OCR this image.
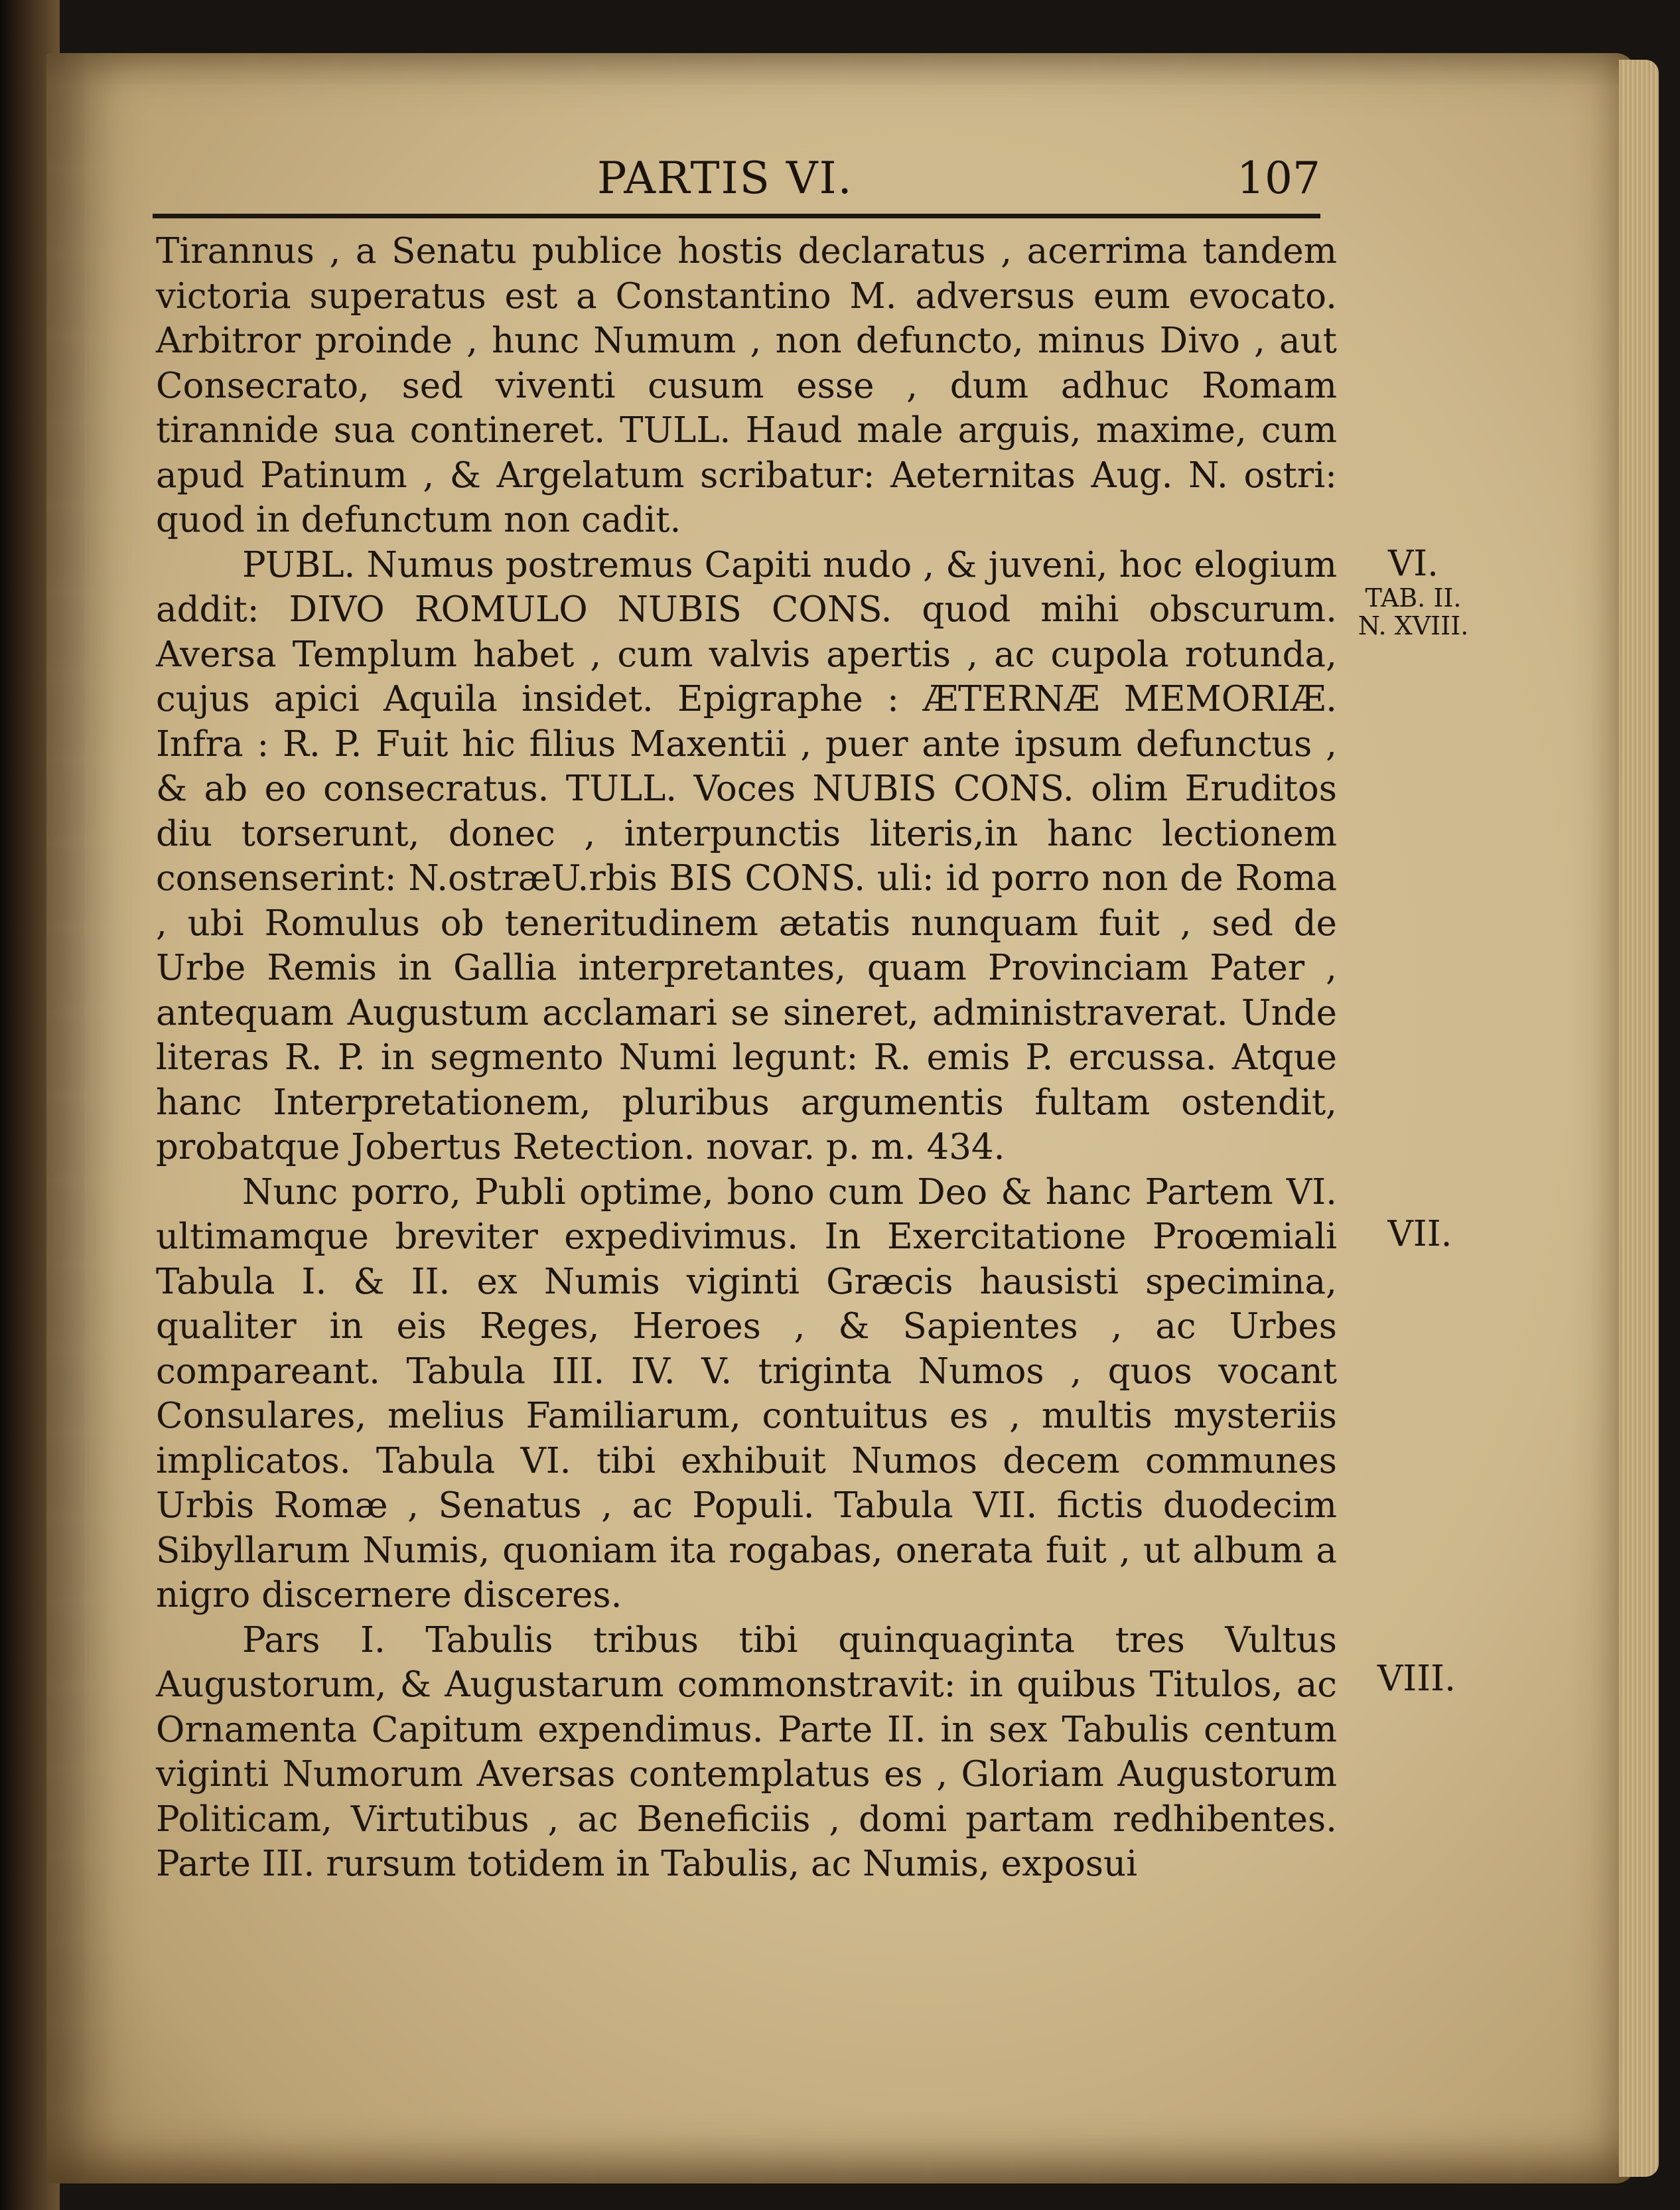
PARTIS VI.	107

Tirannus , a Senatu publice hostis declaratus , acerrima tandem victoria superatus est a Constantino M. adversus eum evocato. Arbitror proinde , hunc Numum , non defuncto, minus Divo , aut Consecrato, sed viventi cusum esse , dum adhuc Romam tirannide sua contineret. TULL. Haud male arguis, maxime, cum apud Patinum , & Argelatum scribatur: Aeternitas Aug. N. ostri: quod in defunctum non cadit.

PUBL. Numus postremus Capiti nudo , & juveni, hoc elogium addit: DIVO ROMULO NUBIS CONS. quod mihi obscurum. Aversa Templum habet , cum valvis apertis , ac cupola rotunda, cujus apici Aquila insidet. Epigraphe : ÆTERNÆ MEMORIÆ. Infra : R. P. Fuit hic filius Maxentii , puer ante ipsum defunctus , & ab eo consecratus. TULL. Voces NUBIS CONS. olim Eruditos diu torserunt, donec , interpunctis literis,in hanc lectionem consenserint: N.ostræU.rbis BIS CONS. uli: id porro non de Roma , ubi Romulus ob teneritudinem ætatis nunquam fuit , sed de Urbe Remis in Gallia interpretantes, quam Provinciam Pater , antequam Augustum acclamari se sineret, administraverat. Unde literas R. P. in segmento Numi legunt: R. emis P. ercussa. Atque hanc Interpretationem, pluribus argumentis fultam ostendit, probatque Jobertus Retection. novar. p. m. 434.

Nunc porro, Publi optime, bono cum Deo & hanc Partem VI. ultimamque breviter expedivimus. In Exercitatione Proœmiali Tabula I. & II. ex Numis viginti Græcis hausisti specimina, qualiter in eis Reges, Heroes , & Sapientes , ac Urbes compareant. Tabula III. IV. V. triginta Numos , quos vocant Consulares, melius Familiarum, contuitus es , multis mysteriis implicatos. Tabula VI. tibi exhibuit Numos decem communes Urbis Romæ , Senatus , ac Populi. Tabula VII. fictis duodecim Sibyllarum Numis, quoniam ita rogabas, onerata fuit , ut album a nigro discernere disceres.

Pars I. Tabulis tribus tibi quinquaginta tres Vultus Augustorum, & Augustarum commonstravit: in quibus Titulos, ac Ornamenta Capitum expendimus. Parte II. in sex Tabulis centum viginti Numorum Aversas contemplatus es , Gloriam Augustorum Politicam, Virtutibus , ac Beneficiis , domi partam redhibentes. Parte III. rursum totidem in Tabulis, ac Numis, exposui

VI.
TAB. II.
N. XVIII.
VII.
VIII.
